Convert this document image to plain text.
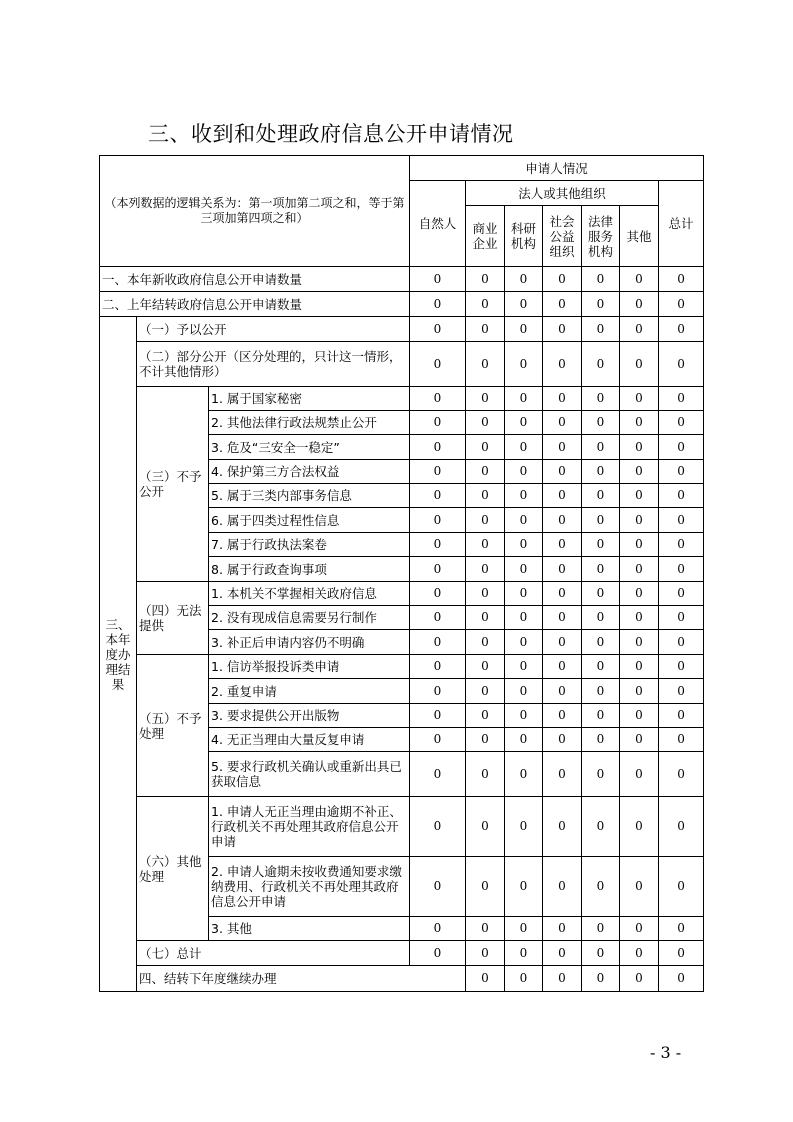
三、收到和处理政府信息公开申请情况
（本列数据的逻辑关系为：第一项加第二项之和，等于第三项加第四项之和）			申请人情况							
			自然人	法人或其他组织					总计	
				商业企业	科研机构	社会公益组织	法律服务机构	其他		
一、本年新收政府信息公开申请数量			0	0	0	0	0	0	0	
二、上年结转政府信息公开申请数量			0	0	0	0	0	0	0	
三、本年度办理结果	（一）予以公开		0	0	0	0	0	0	0	
	（二）部分公开（区分处理的，只计这一情形，不计其他情形）		0	0	0	0	0	0	0	
	（三）不予公开	1. 属于国家秘密	0	0	0	0	0	0	0	
		2. 其他法律行政法规禁止公开	0	0	0	0	0	0	0	
		3. 危及“三安全一稳定”	0	0	0	0	0	0	0	
		4. 保护第三方合法权益	0	0	0	0	0	0	0	
		5. 属于三类内部事务信息	0	0	0	0	0	0	0	
		6. 属于四类过程性信息	0	0	0	0	0	0	0	
		7. 属于行政执法案卷	0	0	0	0	0	0	0	
		8. 属于行政查询事项	0	0	0	0	0	0	0	
	（四）无法提供	1. 本机关不掌握相关政府信息	0	0	0	0	0	0	0	
		2. 没有现成信息需要另行制作	0	0	0	0	0	0	0	
		3. 补正后申请内容仍不明确	0	0	0	0	0	0	0	
	（五）不予处理	1. 信访举报投诉类申请	0	0	0	0	0	0	0	
		2. 重复申请	0	0	0	0	0	0	0	
		3. 要求提供公开出版物	0	0	0	0	0	0	0	
		4. 无正当理由大量反复申请	0	0	0	0	0	0	0	
		5. 要求行政机关确认或重新出具已获取信息	0	0	0	0	0	0	0	
	（六）其他处理	1. 申请人无正当理由逾期不补正、行政机关不再处理其政府信息公开申请	0	0	0	0	0	0	0	
		2. 申请人逾期未按收费通知要求缴纳费用、行政机关不再处理其政府信息公开申请	0	0	0	0	0	0	0	
		3. 其他	0	0	0	0	0	0	0	
	（七）总计		0	0	0	0	0	0	0	
	四、结转下年度继续办理			0	0	0	0	0	0	
- 3 -
